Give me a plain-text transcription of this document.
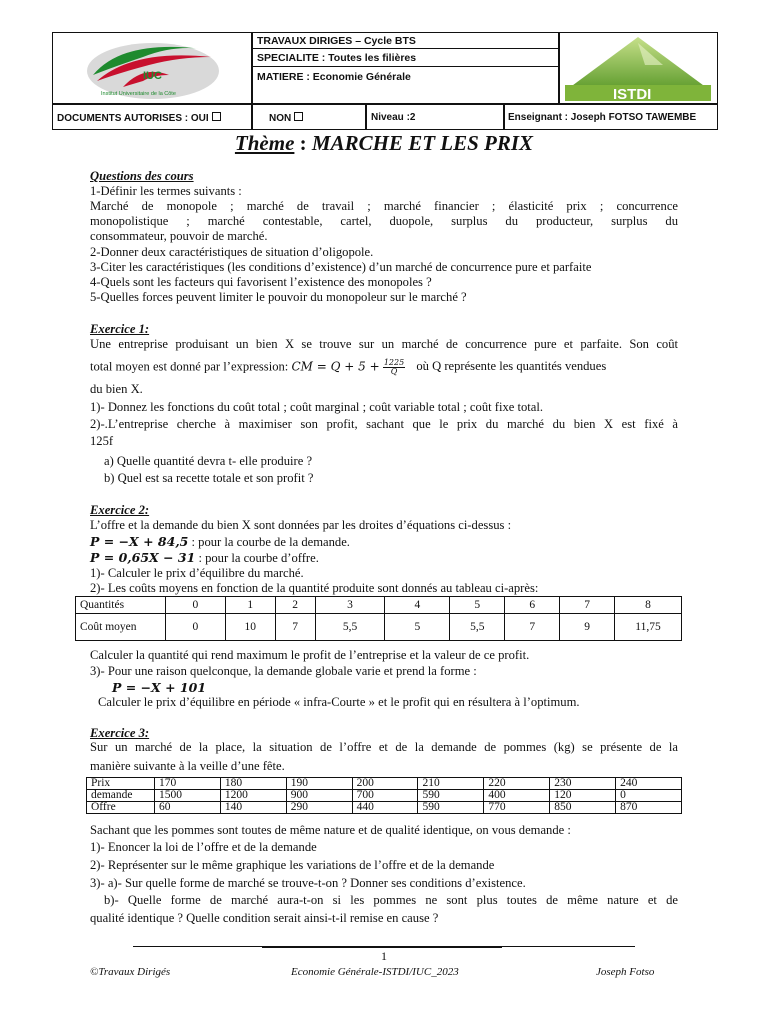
IUC
Institut Universitaire de la Côte	ISTDI
TRAVAUX DIRIGES – Cycle BTS
SPECIALITE : Toutes les filières
MATIERE : Economie Générale
DOCUMENTS AUTORISES : OUI	NON	Niveau :2	Enseignant : Joseph FOTSO TAWEMBE
Thème : MARCHE ET LES PRIX
Questions des cours
1-Définir les termes suivants :
Marché de monopole ; marché de travail ; marché financier ; élasticité prix ; concurrence
monopolistique ; marché contestable, cartel, duopole, surplus du producteur, surplus du
consommateur, pouvoir de marché.
2-Donner deux caractéristiques de situation d’oligopole.
3-Citer les caractéristiques (les conditions d’existence) d’un marché de concurrence pure et parfaite
4-Quels sont les facteurs qui favorisent l’existence des monopoles ?
5-Quelles forces peuvent limiter le pouvoir du monopoleur sur le marché ?
Exercice 1:
Une entreprise produisant un bien X se trouve sur un marché de concurrence pure et parfaite. Son coût
total moyen est donné par l’expression: CM = $Q + 5 + \frac{1225}{Q}$ où Q représente les quantités vendues
du bien X.
1)- Donnez les fonctions du coût total ; coût marginal ; coût variable total ; coût fixe total.
2)-.L’entreprise cherche à maximiser son profit, sachant que le prix du marché du bien X est fixé à
125f
a) Quelle quantité devra t- elle produire ?
b) Quel est sa recette totale et son profit ?
Exercice 2:
L’offre et la demande du bien X sont données par les droites d’équations ci-dessus :
P = −X + 84,5 : pour la courbe de la demande.
P = 0,65X − 31 : pour la courbe d’offre.
1)- Calculer le prix d’équilibre du marché.
2)- Les coûts moyens en fonction de la quantité produite sont donnés au tableau ci-après:
Quantités	0	1	2	3	4	5	6	7	8
Coût moyen	0	10	7	5,5	5	5,5	7	9	11,75
Calculer la quantité qui rend maximum le profit de l’entreprise et la valeur de ce profit.
3)- Pour une raison quelconque, la demande globale varie et prend la forme :
P = −X + 101
Calculer le prix d’équilibre en période « infra-Courte » et le profit qui en résultera à l’optimum.
Exercice 3:
Sur un marché de la place, la situation de l’offre et de la demande de pommes (kg) se présente de la
manière suivante à la veille d’une fête.
Prix	170	180	190	200	210	220	230	240
demande	1500	1200	900	700	590	400	120	0
Offre	60	140	290	440	590	770	850	870
Sachant que les pommes sont toutes de même nature et de qualité identique, on vous demande :
1)- Enoncer la loi de l’offre et de la demande
2)- Représenter sur le même graphique les variations de l’offre et de la demande
3)- a)- Sur quelle forme de marché se trouve-t-on ? Donner ses conditions d’existence.
b)- Quelle forme de marché aura-t-on si les pommes ne sont plus toutes de même nature et de
qualité identique ? Quelle condition serait ainsi-t-il remise en cause ?
1
©Travaux Dirigés	Economie Générale-ISTDI/IUC_2023	Joseph Fotso
